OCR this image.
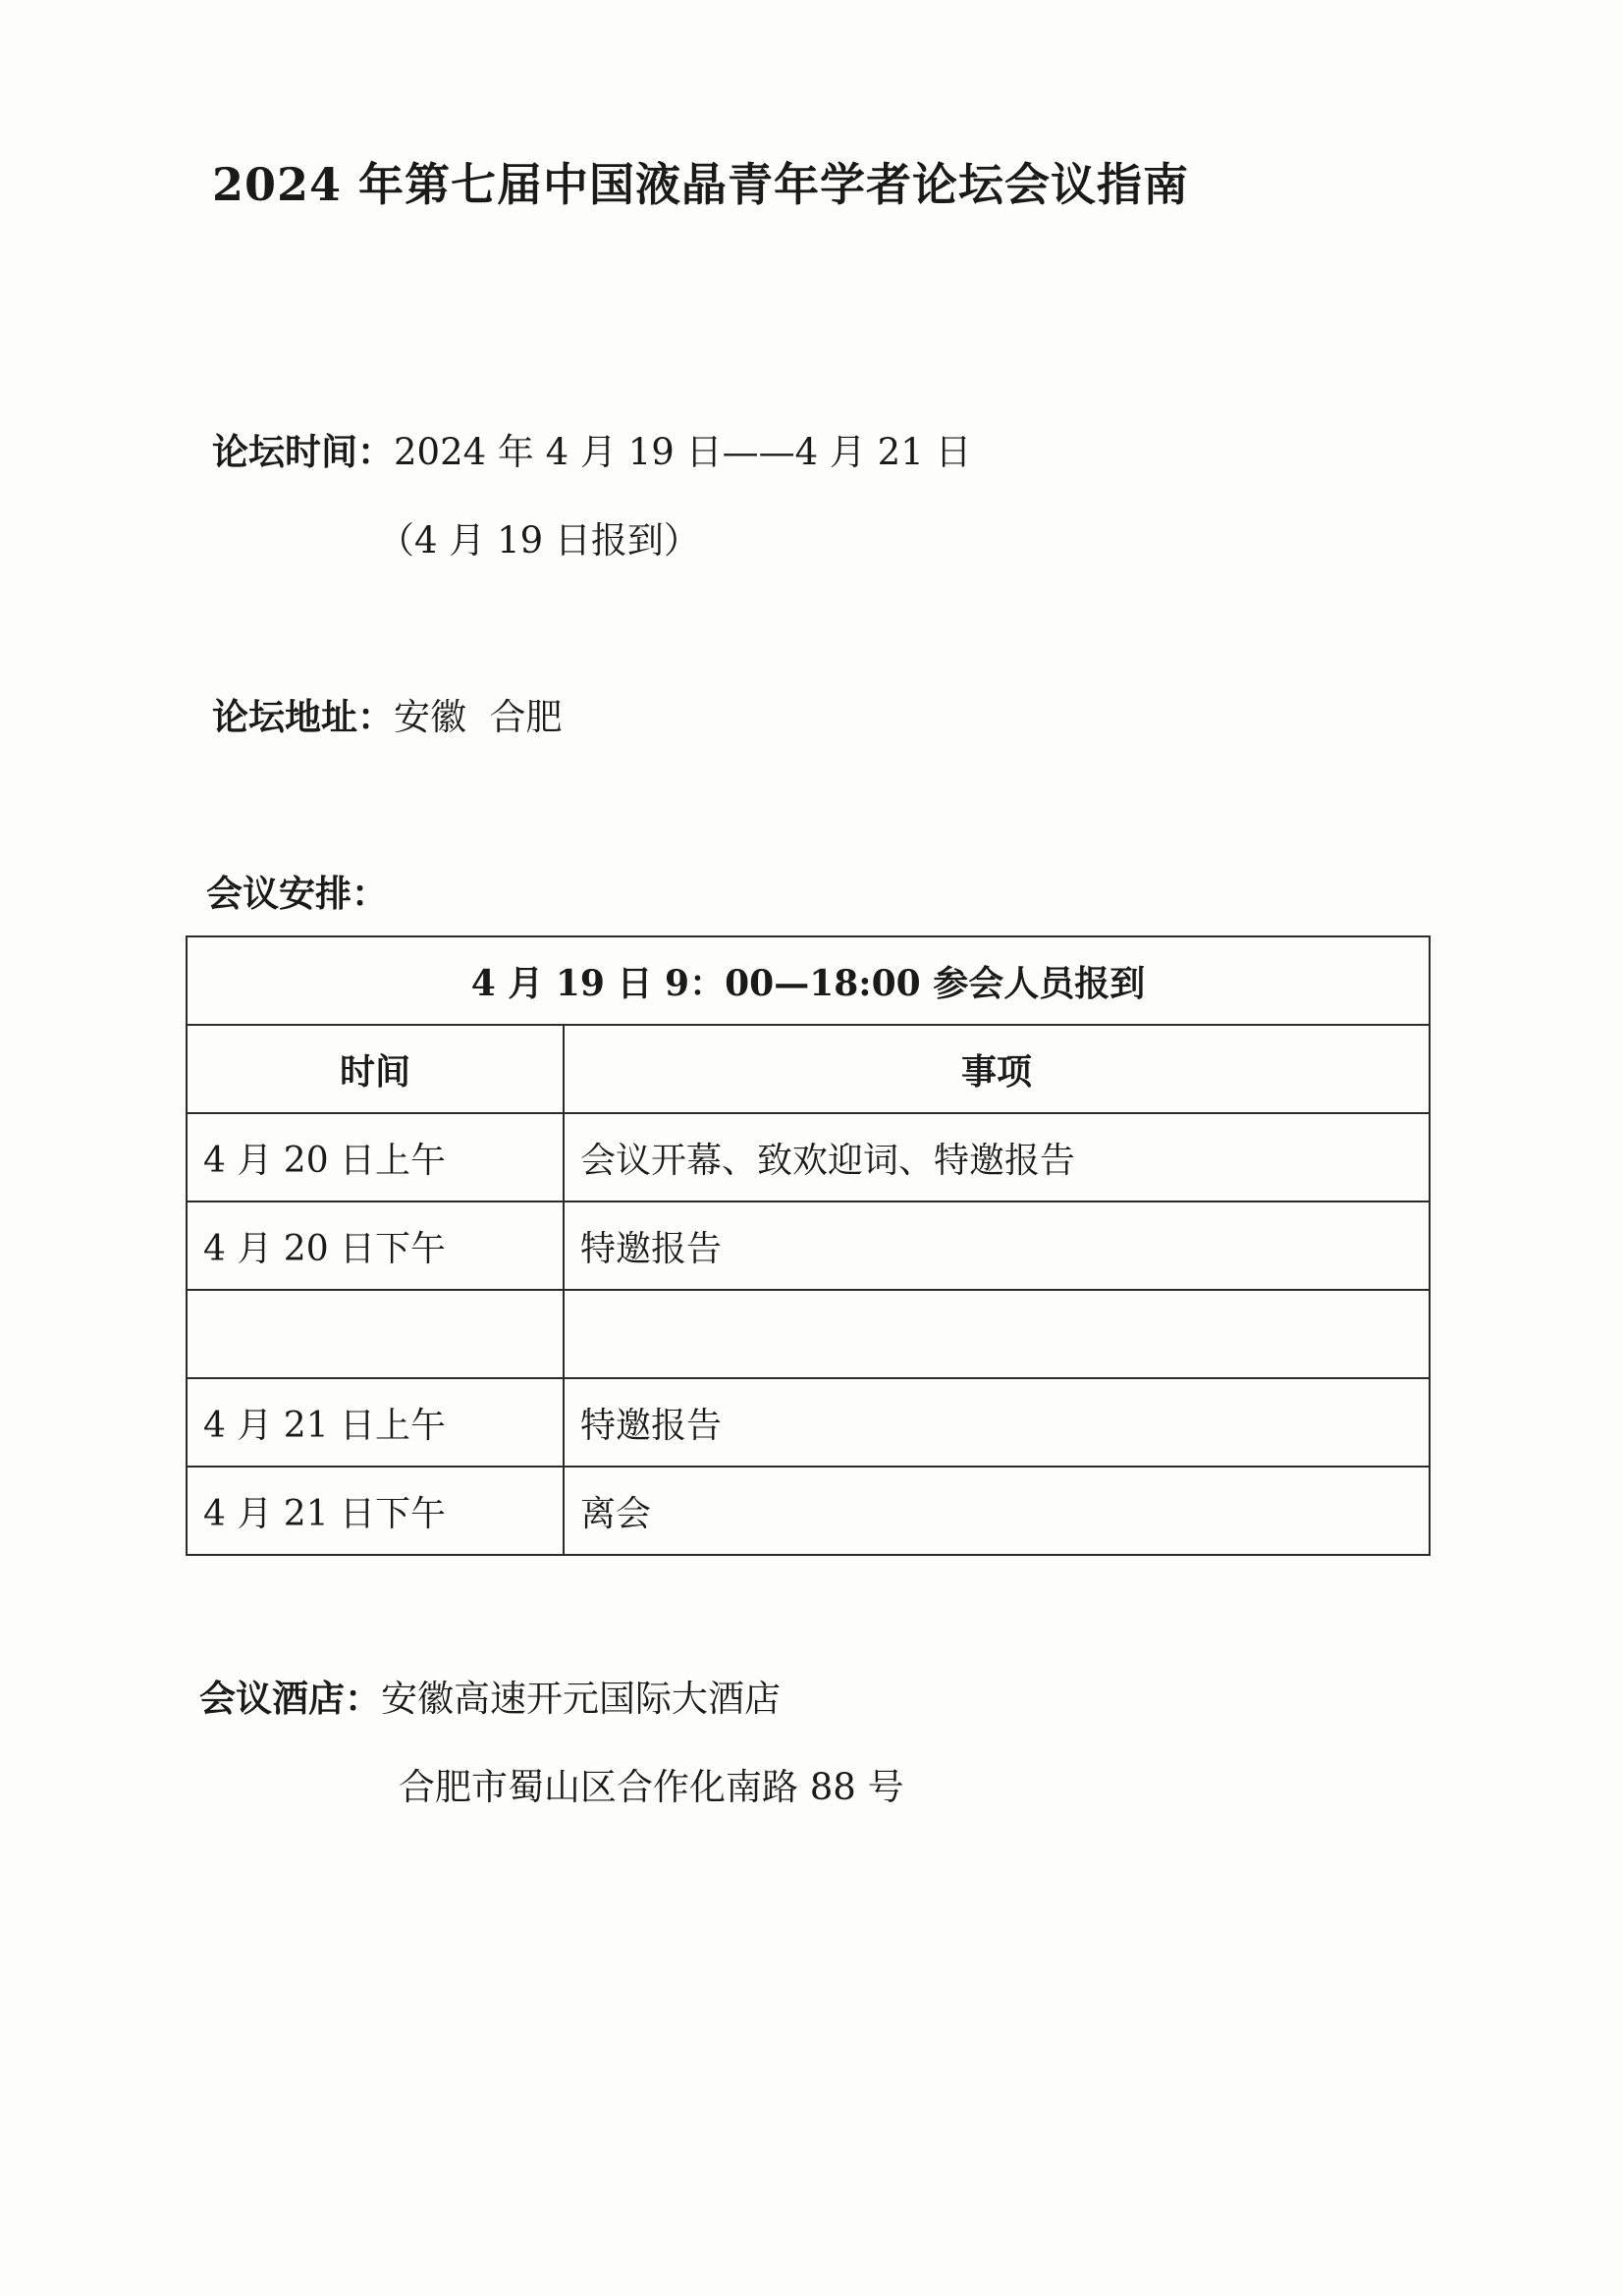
2024 年第七届中国液晶青年学者论坛会议指南
论坛时间：2024 年 4 月 19 日——4 月 21 日
（4 月 19 日报到）
论坛地址：安徽  合肥
会议安排：
4 月 19 日 9：00—18:00 参会人员报到	
时间	事项
4 月 20 日上午	会议开幕、致欢迎词、特邀报告
4 月 20 日下午	特邀报告

4 月 21 日上午	特邀报告
4 月 21 日下午	离会
会议酒店：安徽高速开元国际大酒店
合肥市蜀山区合作化南路 88 号
